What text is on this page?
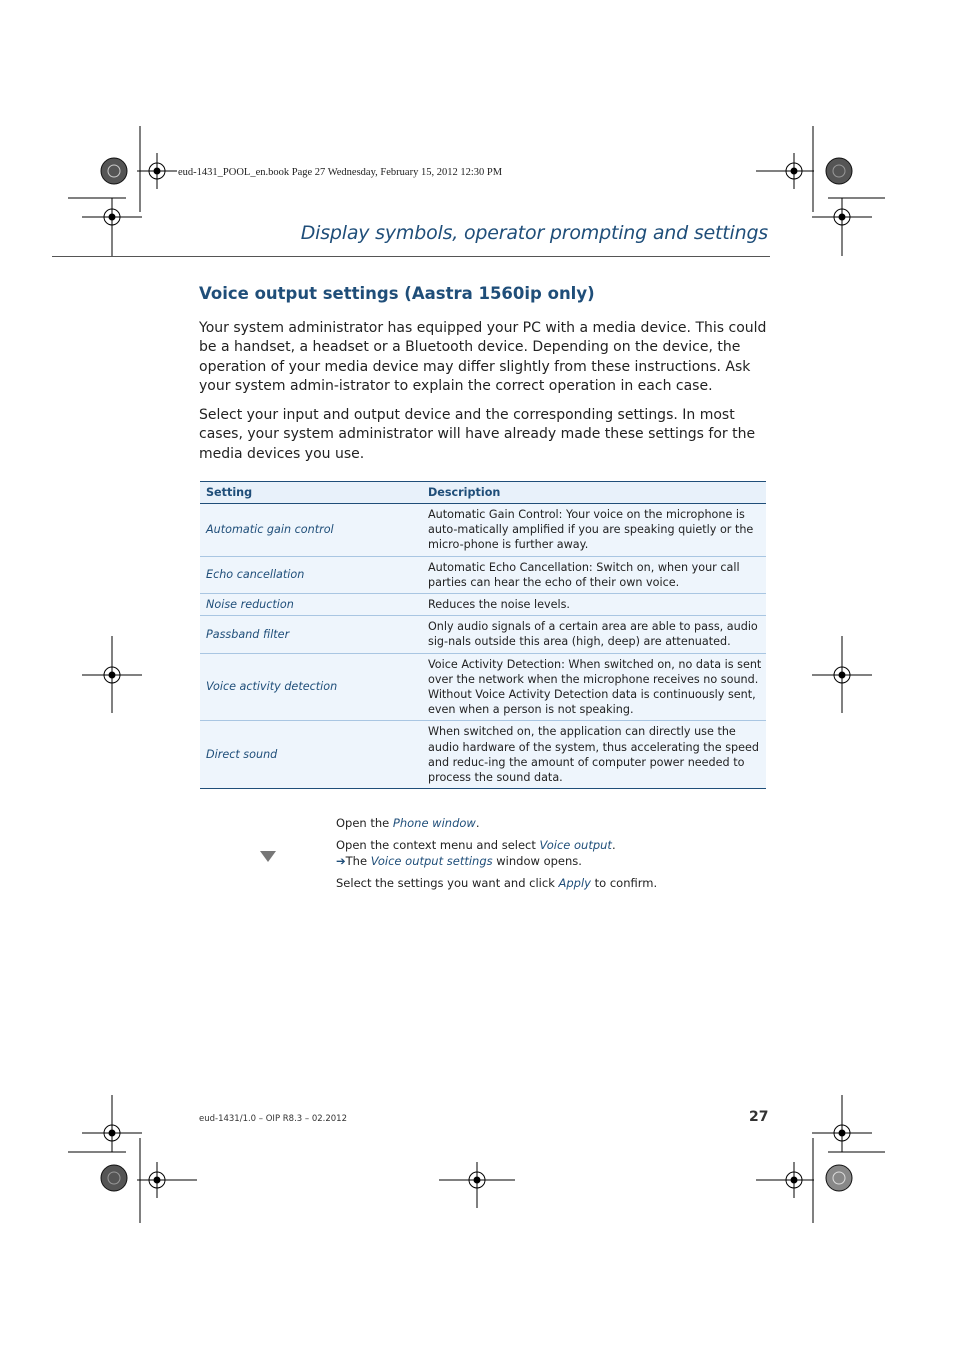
eud-1431_POOL_en.book Page 27 Wednesday, February 15, 2012 12:30 PM
Display symbols, operator prompting and settings
Voice output settings (Aastra 1560ip only)
Your system administrator has equipped your PC with a media device. This could be a handset, a headset or a Bluetooth device. Depending on the device, the operation of your media device may differ slightly from these instructions. Ask your system admin-istrator to explain the correct operation in each case.
Select your input and output device and the corresponding settings. In most cases, your system administrator will have already made these settings for the media devices you use.
Setting	Description
Automatic gain control	Automatic Gain Control: Your voice on the microphone is auto-matically amplified if you are speaking quietly or the micro-phone is further away.
Echo cancellation	Automatic Echo Cancellation: Switch on, when your call parties can hear the echo of their own voice.
Noise reduction	Reduces the noise levels.
Passband filter	Only audio signals of a certain area are able to pass, audio sig-nals outside this area (high, deep) are attenuated.
Voice activity detection	Voice Activity Detection: When switched on, no data is sent over the network when the microphone receives no sound. Without Voice Activity Detection data is continuously sent, even when a person is not speaking.
Direct sound	When switched on, the application can directly use the audio hardware of the system, thus accelerating the speed and reduc-ing the amount of computer power needed to process the sound data.
Open the Phone window.
Open the context menu and select Voice output.
➔The Voice output settings window opens.
Select the settings you want and click Apply to confirm.
eud-1431/1.0 – OIP R8.3 – 02.2012	27
